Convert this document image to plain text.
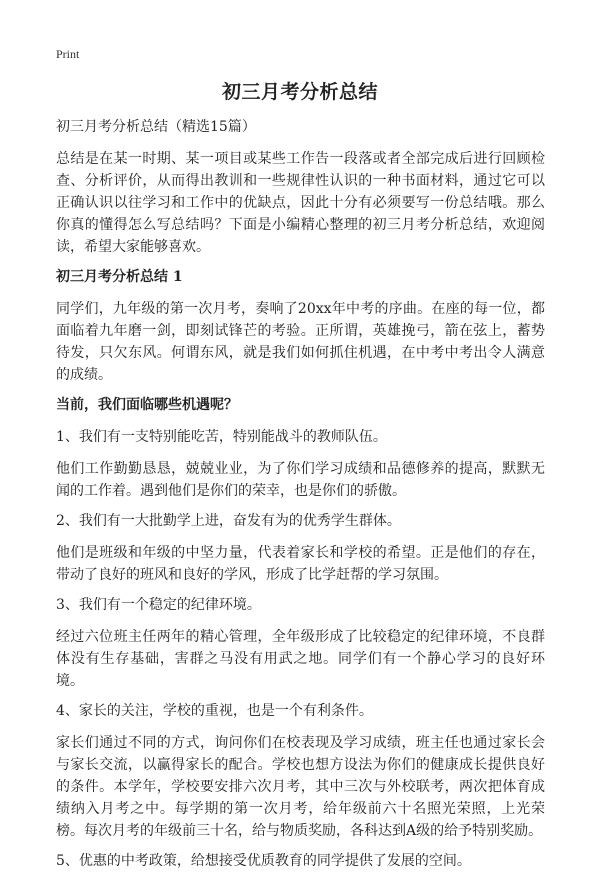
Print
初三月考分析总结

初三月考分析总结（精选15篇）

总结是在某一时期、某一项目或某些工作告一段落或者全部完成后进行回顾检查、分析评价，从而得出教训和一些规律性认识的一种书面材料，通过它可以正确认识以往学习和工作中的优缺点，因此十分有必须要写一份总结哦。那么你真的懂得怎么写总结吗？下面是小编精心整理的初三月考分析总结，欢迎阅读，希望大家能够喜欢。

初三月考分析总结 1

同学们，九年级的第一次月考，奏响了20xx年中考的序曲。在座的每一位，都面临着九年磨一剑，即刻试锋芒的考验。正所谓，英雄挽弓，箭在弦上，蓄势待发，只欠东风。何谓东风，就是我们如何抓住机遇，在中考中考出令人满意的成绩。

当前，我们面临哪些机遇呢？

1、我们有一支特别能吃苦，特别能战斗的教师队伍。

他们工作勤勤恳恳，兢兢业业，为了你们学习成绩和品德修养的提高，默默无闻的工作着。遇到他们是你们的荣幸，也是你们的骄傲。

2、我们有一大批勤学上进，奋发有为的优秀学生群体。

他们是班级和年级的中坚力量，代表着家长和学校的希望。正是他们的存在，带动了良好的班风和良好的学风，形成了比学赶帮的学习氛围。

3、我们有一个稳定的纪律环境。

经过六位班主任两年的精心管理，全年级形成了比较稳定的纪律环境，不良群体没有生存基础，害群之马没有用武之地。同学们有一个静心学习的良好环境。

4、家长的关注，学校的重视，也是一个有利条件。

家长们通过不同的方式，询问你们在校表现及学习成绩，班主任也通过家长会与家长交流，以赢得家长的配合。学校也想方设法为你们的健康成长提供良好的条件。本学年，学校要安排六次月考，其中三次与外校联考，两次把体育成绩纳入月考之中。每学期的第一次月考，给年级前六十名照光荣照，上光荣榜。每次月考的年级前三十名，给与物质奖励，各科达到A级的给予特别奖励。

5、优惠的中考政策，给想接受优质教育的同学提供了发展的空间。
